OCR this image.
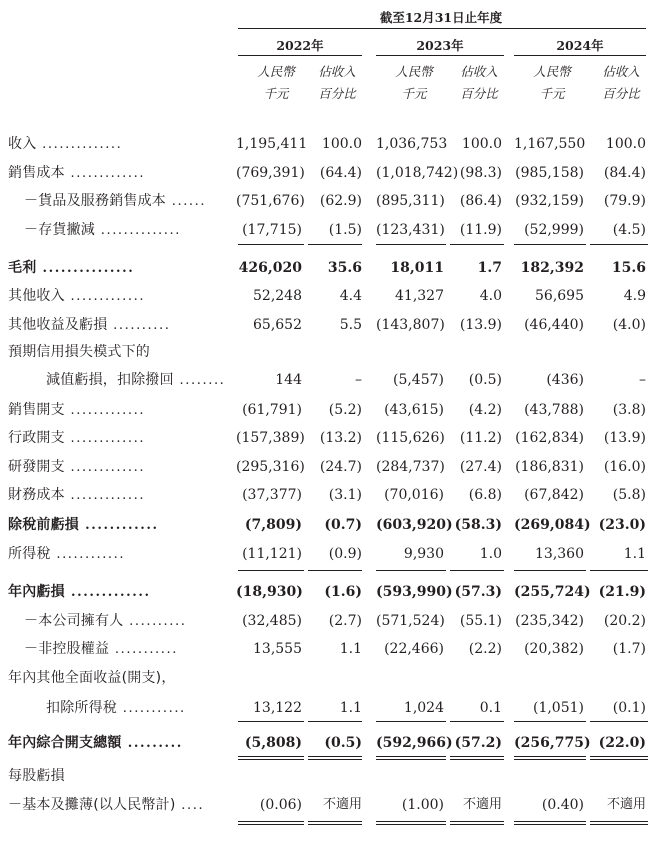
截至12月31日止年度
2022年	2023年	2024年
人民幣
千元
佔收入
百分比
人民幣
千元
佔收入
百分比
人民幣
千元
佔收入
百分比
收入 ..............	1,195,411	100.0 1,036,753	100.0 1,167,550	100.0
銷售成本 .............	(769,391)	(64.4) (1,018,742) (98.3) (985,158)	(84.4)
－貨品及服務銷售成本 ...... (751,676)	(62.9) (895,311)	(86.4) (932,159)	(79.9)
－存貨撇減 ..............	(17,715)	(1.5) (123,431)	(11.9)	(52,999)	(4.5)
毛利 ...............	426,020	35.6	18,011	1.7	182,392	15.6
其他收入 .............	52,248	4.4	41,327	4.0	56,695	4.9
其他收益及虧損 ..........	65,652	5.5 (143,807)	(13.9)	(46,440)	(4.0)
預期信用損失模式下的
減值虧損，扣除撥回 ........	144	–	(5,457)	(0.5)	(436)	–
銷售開支 .............	(61,791)	(5.2)	(43,615)	(4.2)	(43,788)	(3.8)
行政開支 .............	(157,389)	(13.2) (115,626)	(11.2) (162,834)	(13.9)
研發開支 .............	(295,316)	(24.7) (284,737)	(27.4) (186,831)	(16.0)
財務成本 .............	(37,377)	(3.1)	(70,016)	(6.8)	(67,842)	(5.8)
除稅前虧損 ............	(7,809)	(0.7) (603,920) (58.3) (269,084) (23.0)
所得稅 ............	(11,121)	(0.9)	9,930	1.0	13,360	1.1
年內虧損 .............	(18,930)	(1.6) (593,990) (57.3) (255,724) (21.9)
－本公司擁有人 ..........	(32,485)	(2.7) (571,524)	(55.1) (235,342)	(20.2)
－非控股權益 ...........	13,555	1.1	(22,466)	(2.2)	(20,382)	(1.7)
年內其他全面收益(開支)，
扣除所得稅 ...........	13,122	1.1	1,024	0.1	(1,051)	(0.1)
年內綜合開支總額 .........	(5,808)	(0.5) (592,966) (57.2) (256,775) (22.0)
每股虧損
－基本及攤薄(以人民幣計) ....	(0.06)	不適用	(1.00)	不適用	(0.40)	不適用
